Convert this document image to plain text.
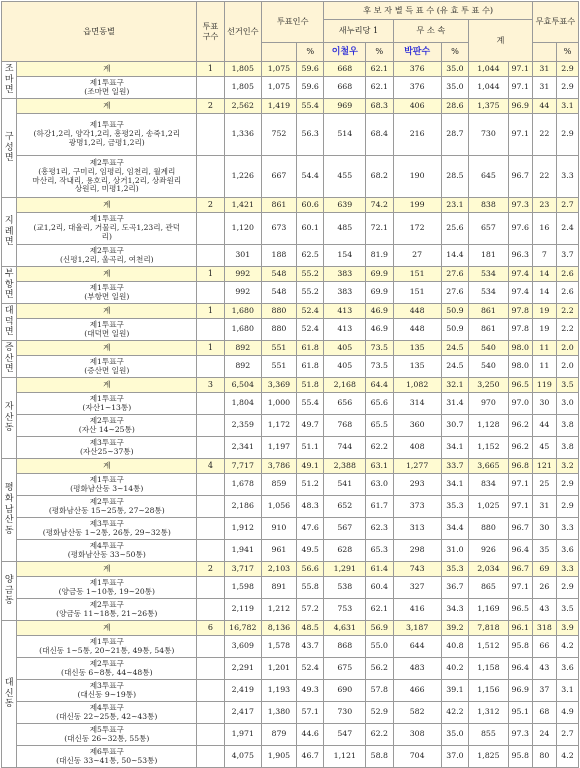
읍면동별		투표구수	선거인수	투표인수		후 보 자 별 득 표 수 (유 효 투 표 수)						무효투표수	
						새누리당 1		무 소 속		계			
					%	이철우	%	박판수	%				%
조마면	계	1	1,805	1,075	59.6	668	62.1	376	35.0	1,044	97.1	31	2.9
	제1투표구
(조마면 일원)		1,805	1,075	59.6	668	62.1	376	35.0	1,044	97.1	31	2.9
구성면	계	2	2,562	1,419	55.4	969	68.3	406	28.6	1,375	96.9	44	3.1
	제1투표구
(하강1,2리, 양각1,2리, 흥평2리, 송죽1,2리
광명1,2리, 금평1,2리)		1,336	752	56.3	514	68.4	216	28.7	730	97.1	22	2.9
	제2투표구
(흥평1리, 구미리, 임평리, 임천리, 월계리
마산리, 작내리, 용호리, 상거1,2리, 상좌원리
상원리, 미평1,2리)		1,226	667	54.4	455	68.2	190	28.5	645	96.7	22	3.3
지례면	계	2	1,421	861	60.6	639	74.2	199	23.1	838	97.3	23	2.7
	제1투표구
(교1,2리, 대율리, 거물리, 도곡1,23리, 관덕
리)		1,120	673	60.1	485	72.1	172	25.6	657	97.6	16	2.4
	제2투표구
(신평1,2리, 울곡리, 여천리)		301	188	62.5	154	81.9	27	14.4	181	96.3	7	3.7
부항면	계	1	992	548	55.2	383	69.9	151	27.6	534	97.4	14	2.6
	제1투표구
(부항면 일원)		992	548	55.2	383	69.9	151	27.6	534	97.4	14	2.6
대덕면	계	1	1,680	880	52.4	413	46.9	448	50.9	861	97.8	19	2.2
	제1투표구
(대덕면 일원)		1,680	880	52.4	413	46.9	448	50.9	861	97.8	19	2.2
증산면	계	1	892	551	61.8	405	73.5	135	24.5	540	98.0	11	2.0
	제1투표구
(증산면 일원)		892	551	61.8	405	73.5	135	24.5	540	98.0	11	2.0
자산동	계	3	6,504	3,369	51.8	2,168	64.4	1,082	32.1	3,250	96.5	119	3.5
	제1투표구
(자산1~13통)		1,804	1,000	55.4	656	65.6	314	31.4	970	97.0	30	3.0
	제2투표구
(자산 14~25통)		2,359	1,172	49.7	768	65.5	360	30.7	1,128	96.2	44	3.8
	제3투표구
(자산25~37통)		2,341	1,197	51.1	744	62.2	408	34.1	1,152	96.2	45	3.8
평화남산동	계	4	7,717	3,786	49.1	2,388	63.1	1,277	33.7	3,665	96.8	121	3.2
	제1투표구
(평화남산동 3~14통)		1,678	859	51.2	541	63.0	293	34.1	834	97.1	25	2.9
	제2투표구
(평화남산동 15~25통, 27~28통)		2,186	1,056	48.3	652	61.7	373	35.3	1,025	97.1	31	2.9
	제3투표구
(평화남산동 1~2통, 26통, 29~32통)		1,912	910	47.6	567	62.3	313	34.4	880	96.7	30	3.3
	제4투표구
(평화남산동 33~50통)		1,941	961	49.5	628	65.3	298	31.0	926	96.4	35	3.6
양금동	계	2	3,717	2,103	56.6	1,291	61.4	743	35.3	2,034	96.7	69	3.3
	제1투표구
(양금동 1~10통, 19~20통)		1,598	891	55.8	538	60.4	327	36.7	865	97.1	26	2.9
	제2투표구
(양금동 11~18통, 21~26통)		2,119	1,212	57.2	753	62.1	416	34.3	1,169	96.5	43	3.5
대신동	계	6	16,782	8,136	48.5	4,631	56.9	3,187	39.2	7,818	96.1	318	3.9
	제1투표구
(대신동 1~5통, 20~21통, 49통, 54통)		3,609	1,578	43.7	868	55.0	644	40.8	1,512	95.8	66	4.2
	제2투표구
(대신동 6~8통, 44~48통)		2,291	1,201	52.4	675	56.2	483	40.2	1,158	96.4	43	3.6
	제3투표구
(대신동 9~19통)		2,419	1,193	49.3	690	57.8	466	39.1	1,156	96.9	37	3.1
	제4투표구
(대신동 22~25통, 42~43통)		2,417	1,380	57.1	730	52.9	582	42.2	1,312	95.1	68	4.9
	제5투표구
(대신동 26~32통, 55통)		1,971	879	44.6	547	62.2	308	35.0	855	97.3	24	2.7
	제6투표구
(대신동 33~41통, 50~53통)		4,075	1,905	46.7	1,121	58.8	704	37.0	1,825	95.8	80	4.2
